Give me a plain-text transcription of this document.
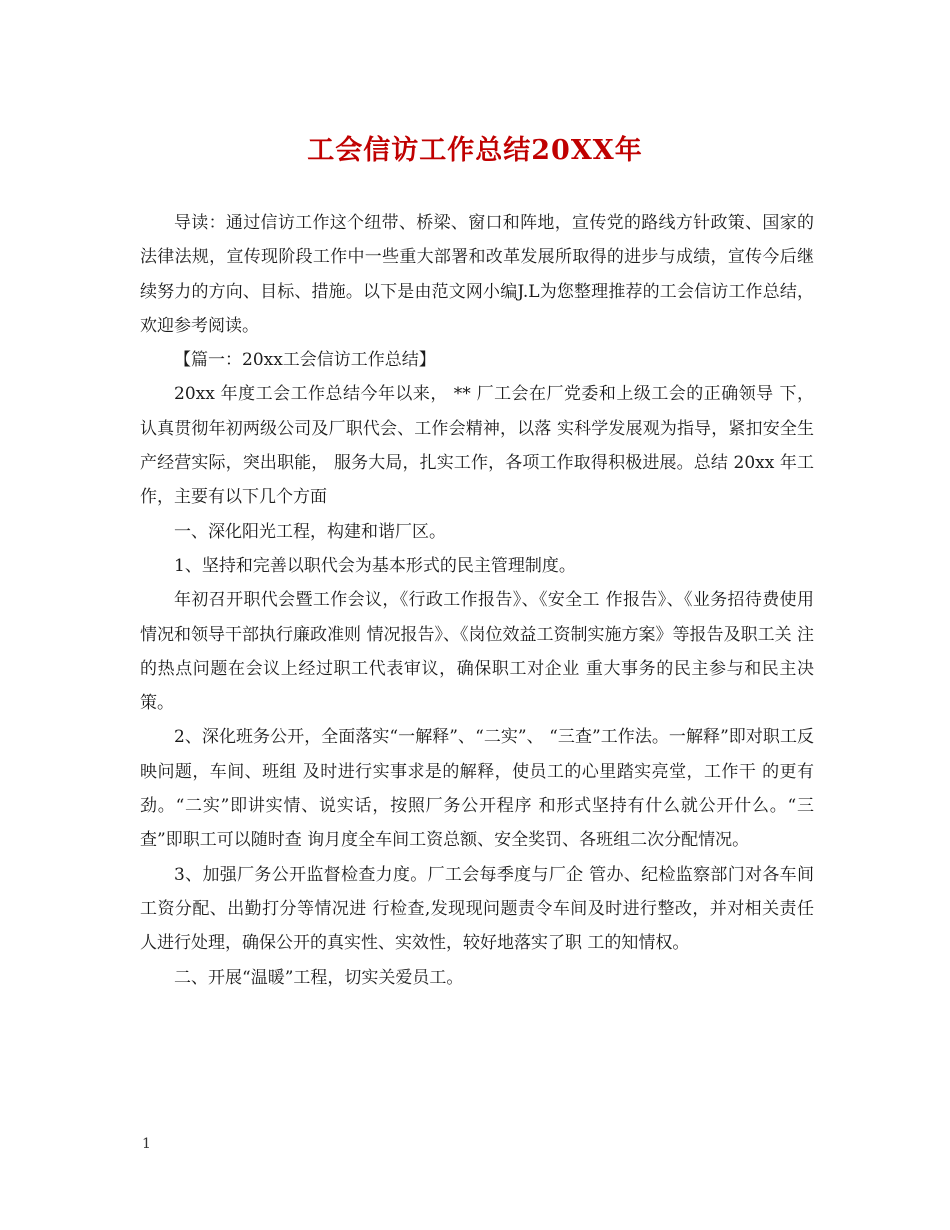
工会信访工作总结20XX年

导读：通过信访工作这个纽带、桥梁、窗口和阵地，宣传党的路线方针政策、国家的法律法规，宣传现阶段工作中一些重大部署和改革发展所取得的进步与成绩，宣传今后继续努力的方向、目标、措施。以下是由范文网小编J.L为您整理推荐的工会信访工作总结，欢迎参考阅读。

【篇一：20xx工会信访工作总结】

20xx 年度工会工作总结今年以来， ** 厂工会在厂党委和上级工会的正确领导 下，认真贯彻年初两级公司及厂职代会、工作会精神，以落 实科学发展观为指导，紧扣安全生产经营实际，突出职能， 服务大局，扎实工作，各项工作取得积极进展。总结 20xx 年工作，主要有以下几个方面

一、深化阳光工程，构建和谐厂区。

1、坚持和完善以职代会为基本形式的民主管理制度。

年初召开职代会暨工作会议，《行政工作报告》、《安全工 作报告》、《业务招待费使用情况和领导干部执行廉政准则 情况报告》、《岗位效益工资制实施方案》等报告及职工关 注的热点问题在会议上经过职工代表审议，确保职工对企业 重大事务的民主参与和民主决策。

2、深化班务公开，全面落实“一解释”、“二实”、 “三查”工作法。一解释”即对职工反映问题，车间、班组 及时进行实事求是的解释，使员工的心里踏实亮堂，工作干 的更有劲。“二实”即讲实情、说实话，按照厂务公开程序 和形式坚持有什么就公开什么。“三查”即职工可以随时查 询月度全车间工资总额、安全奖罚、各班组二次分配情况。

3、加强厂务公开监督检查力度。厂工会每季度与厂企 管办、纪检监察部门对各车间工资分配、出勤打分等情况进 行检查,发现现问题责令车间及时进行整改，并对相关责任 人进行处理，确保公开的真实性、实效性，较好地落实了职 工的知情权。

二、开展“温暖”工程，切实关爱员工。

1
